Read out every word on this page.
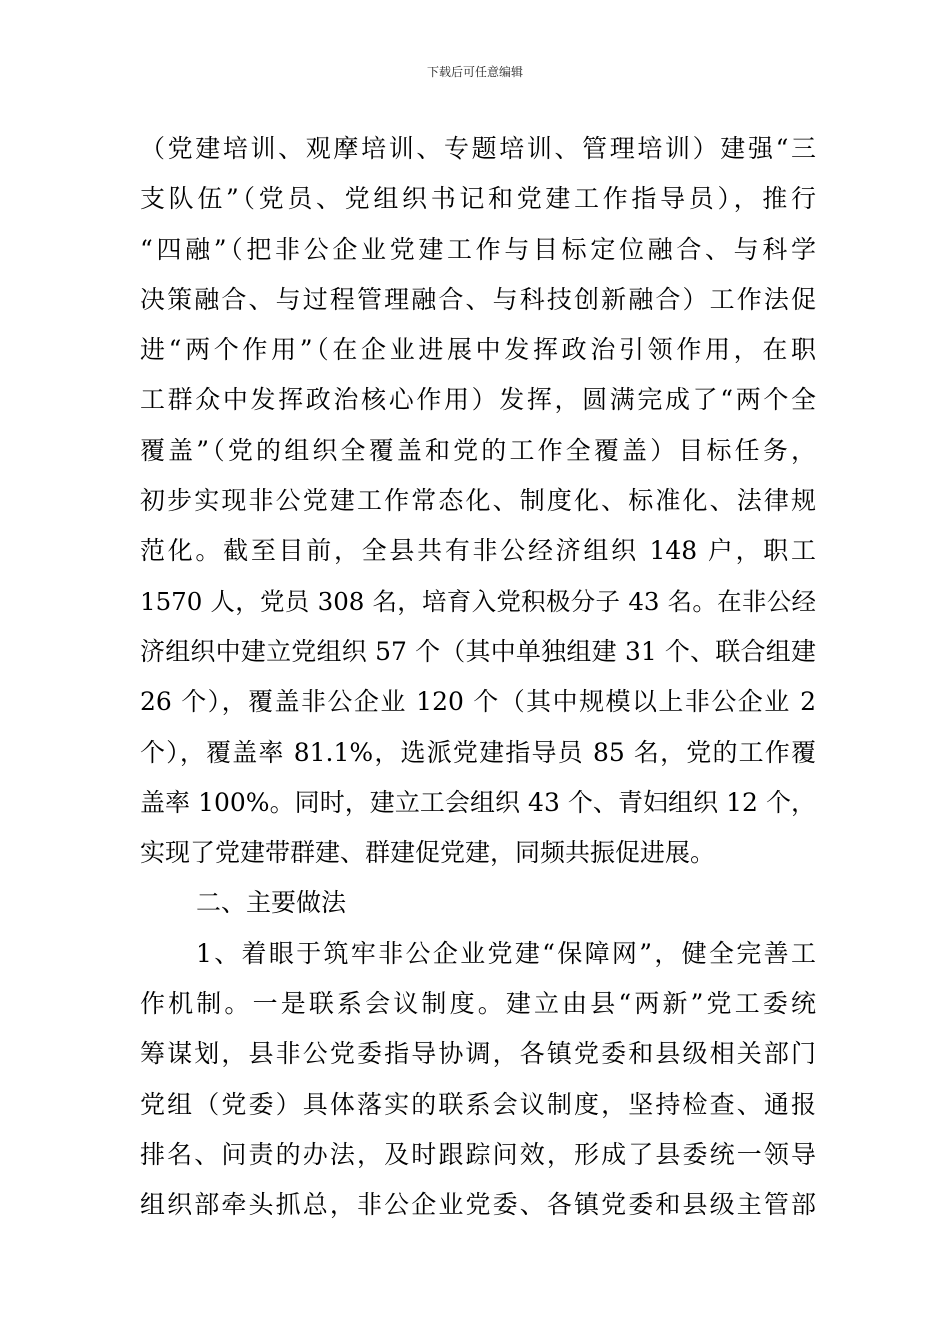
下载后可任意编辑
（党建培训、观摩培训、专题培训、管理培训）建强“三
支队伍”（党员、党组织书记和党建工作指导员），推行
“四融”（把非公企业党建工作与目标定位融合、与科学
决策融合、与过程管理融合、与科技创新融合）工作法促
进“两个作用”（在企业进展中发挥政治引领作用，在职
工群众中发挥政治核心作用）发挥，圆满完成了“两个全
覆盖”（党的组织全覆盖和党的工作全覆盖）目标任务，
初步实现非公党建工作常态化、制度化、标准化、法律规
范化。截至目前，全县共有非公经济组织 148 户，职工
1570 人，党员 308 名，培育入党积极分子 43 名。在非公经
济组织中建立党组织 57 个（其中单独组建 31 个、联合组建
26 个），覆盖非公企业 120 个（其中规模以上非公企业 2
个），覆盖率 81.1%，选派党建指导员 85 名，党的工作覆
盖率 100%。同时，建立工会组织 43 个、青妇组织 12 个，
实现了党建带群建、群建促党建，同频共振促进展。
二、主要做法
1、着眼于筑牢非公企业党建“保障网”，健全完善工
作机制。一是联系会议制度。建立由县“两新”党工委统
筹谋划，县非公党委指导协调，各镇党委和县级相关部门
党组（党委）具体落实的联系会议制度，坚持检查、通报
排名、问责的办法，及时跟踪问效，形成了县委统一领导
组织部牵头抓总，非公企业党委、各镇党委和县级主管部
